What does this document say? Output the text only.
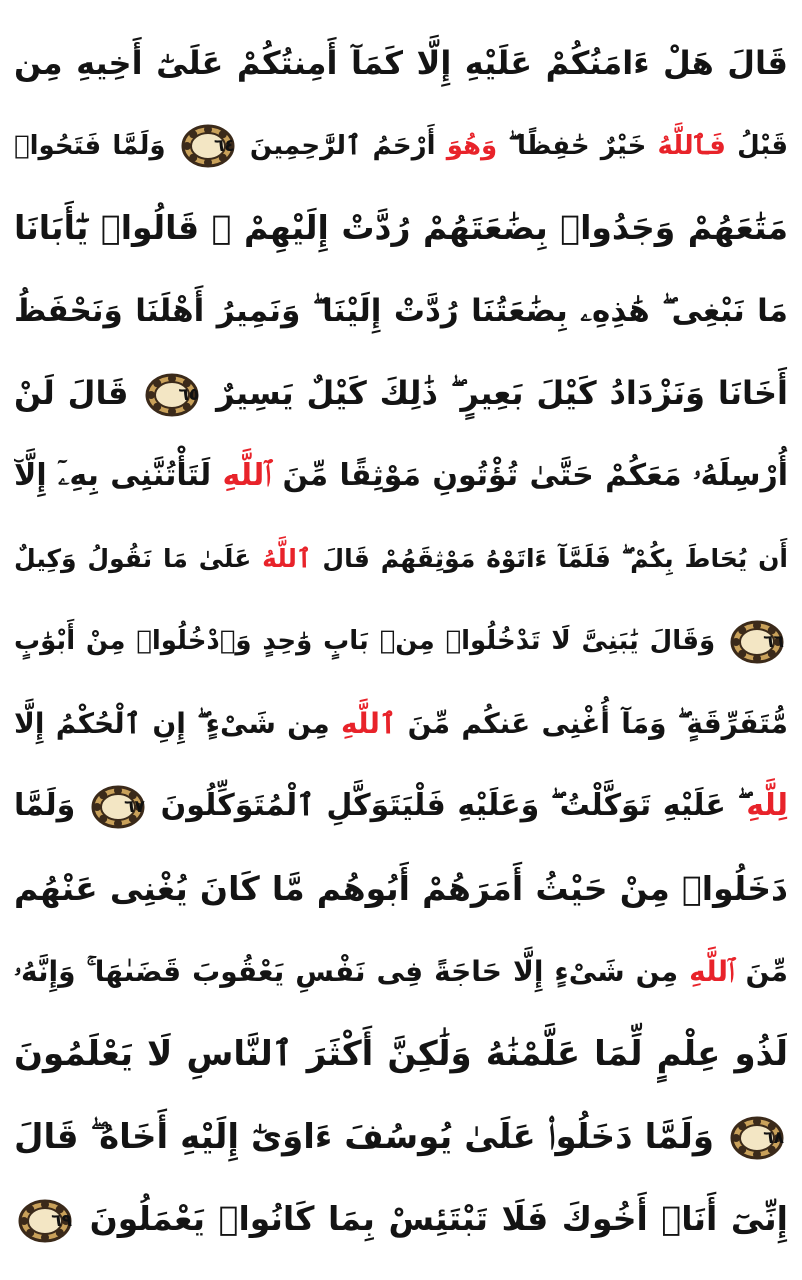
قَالَ هَلْ ءَامَنُكُمْ عَلَيْهِ إِلَّا كَمَآ أَمِنتُكُمْ عَلَىٰٓ أَخِيهِ مِن
قَبْلُ فَٱللَّهُ خَيْرٌ حَٰفِظًا ۖ وَهُوَ أَرْحَمُ ٱلرَّٰحِمِينَ
٦٤
وَلَمَّا فَتَحُوا۟
مَتَٰعَهُمْ وَجَدُوا۟ بِضَٰعَتَهُمْ رُدَّتْ إِلَيْهِمْ ۖ قَالُوا۟ يَٰٓأَبَانَا
مَا نَبْغِى ۖ هَٰذِهِۦ بِضَٰعَتُنَا رُدَّتْ إِلَيْنَا ۖ وَنَمِيرُ أَهْلَنَا وَنَحْفَظُ
أَخَانَا وَنَزْدَادُ كَيْلَ بَعِيرٍ ۖ ذَٰلِكَ كَيْلٌ يَسِيرٌ
٦٥
قَالَ لَنْ
أُرْسِلَهُۥ مَعَكُمْ حَتَّىٰ تُؤْتُونِ مَوْثِقًا مِّنَ ٱللَّهِ لَتَأْتُنَّنِى بِهِۦٓ إِلَّآ
أَن يُحَاطَ بِكُمْ ۖ فَلَمَّآ ءَاتَوْهُ مَوْثِقَهُمْ قَالَ ٱللَّهُ عَلَىٰ مَا نَقُولُ وَكِيلٌ
٦٦
وَقَالَ يَٰبَنِىَّ لَا تَدْخُلُوا۟ مِنۢ بَابٍ وَٰحِدٍ وَٱدْخُلُوا۟ مِنْ أَبْوَٰبٍ
مُّتَفَرِّقَةٍ ۖ وَمَآ أُغْنِى عَنكُم مِّنَ ٱللَّهِ مِن شَىْءٍ ۖ إِنِ ٱلْحُكْمُ إِلَّا
لِلَّهِ ۖ عَلَيْهِ تَوَكَّلْتُ ۖ وَعَلَيْهِ فَلْيَتَوَكَّلِ ٱلْمُتَوَكِّلُونَ
٦٧
وَلَمَّا
دَخَلُوا۟ مِنْ حَيْثُ أَمَرَهُمْ أَبُوهُم مَّا كَانَ يُغْنِى عَنْهُم
مِّنَ ٱللَّهِ مِن شَىْءٍ إِلَّا حَاجَةً فِى نَفْسِ يَعْقُوبَ قَضَىٰهَا ۚ وَإِنَّهُۥ
لَذُو عِلْمٍ لِّمَا عَلَّمْنَٰهُ وَلَٰكِنَّ أَكْثَرَ ٱلنَّاسِ لَا يَعْلَمُونَ
٦٨
وَلَمَّا دَخَلُوا۟ عَلَىٰ يُوسُفَ ءَاوَىٰٓ إِلَيْهِ أَخَاهُ ۖ قَالَ
إِنِّىٓ أَنَا۠ أَخُوكَ فَلَا تَبْتَئِسْ بِمَا كَانُوا۟ يَعْمَلُونَ
٦٩
